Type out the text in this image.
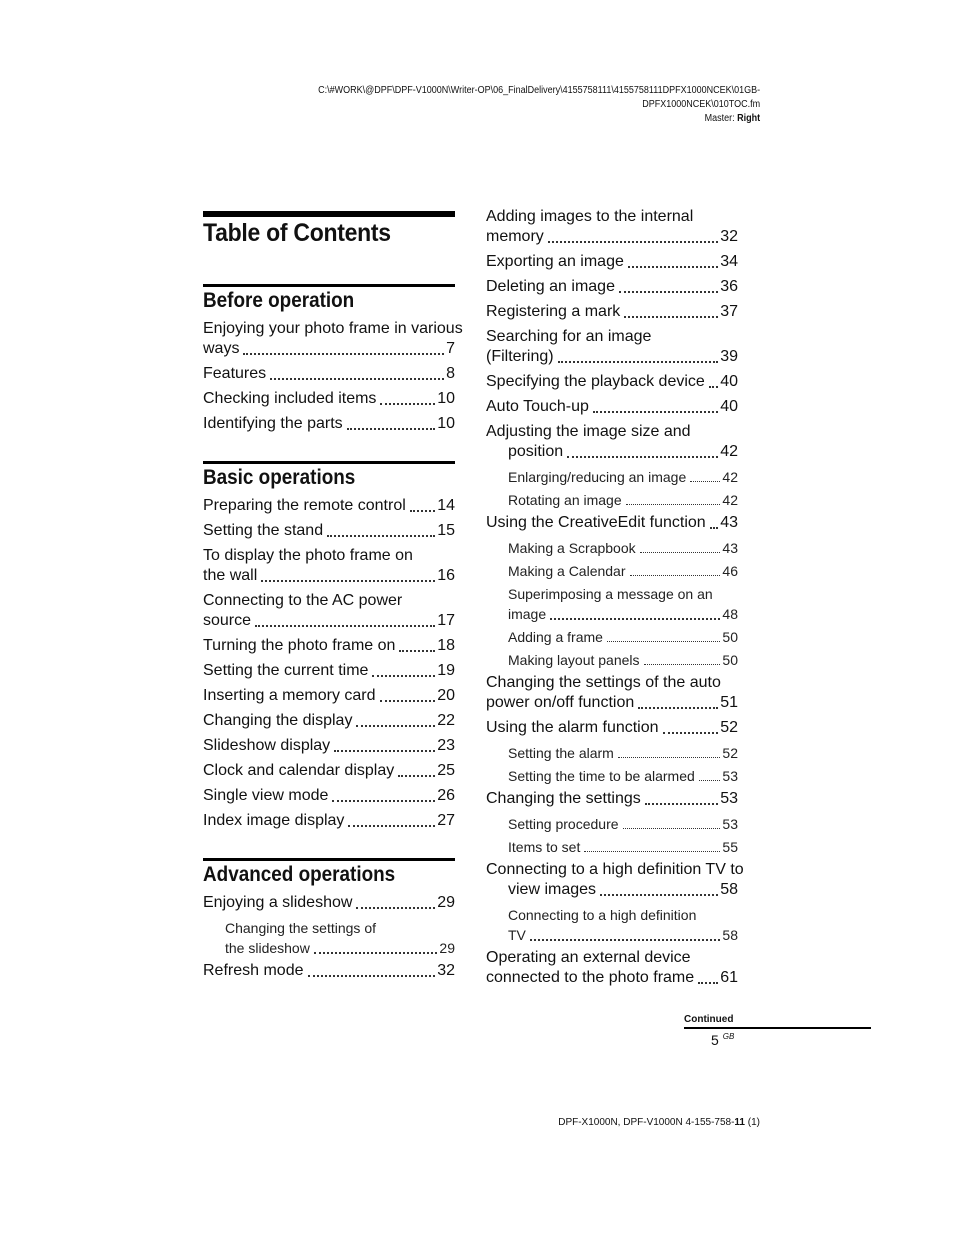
C:\#WORK\@DPF\DPF-V1000N\Writer-OP\06_FinalDelivery\4155758111\4155758111DPFX1000NCEK\01GB-
DPFX1000NCEK\010TOC.fm
Master: Right
Table of Contents
Before operation
Enjoying your photo frame in various
ways	7
Features	8
Checking included items	10
Identifying the parts	10
Basic operations
Preparing the remote control 14
Setting the stand	15
To display the photo frame on
the wall	16
Connecting to the AC power
source	17
Turning the photo frame on	18
Setting the current time	19
Inserting a memory card	20
Changing the display	22
Slideshow display	23
Clock and calendar display	25
Single view mode	26
Index image display	27
Advanced operations
Enjoying a slideshow	29
Changing the settings of
the slideshow	29
Refresh mode	32
Adding images to the internal
memory	32
Exporting an image	34
Deleting an image	36
Registering a mark	37
Searching for an image
(Filtering)	39
Specifying the playback device 40
Auto Touch-up	40
Adjusting the image size and
position	42
Enlarging/reducing an image	42
Rotating an image	42
Using the CreativeEdit function 43
Making a Scrapbook	43
Making a Calendar	46
Superimposing a message on an
image	48
Adding a frame	50
Making layout panels	50
Changing the settings of the auto
power on/off function	51
Using the alarm function	52
Setting the alarm	52
Setting the time to be alarmed 53
Changing the settings	53
Setting procedure	53
Items to set	55
Connecting to a high definition TV to
view images	58
Connecting to a high definition
TV	58
Operating an external device
connected to the photo frame 61
Continued
5 $^{GB}$
DPF-X1000N, DPF-V1000N 4-155-758-11 (1)
